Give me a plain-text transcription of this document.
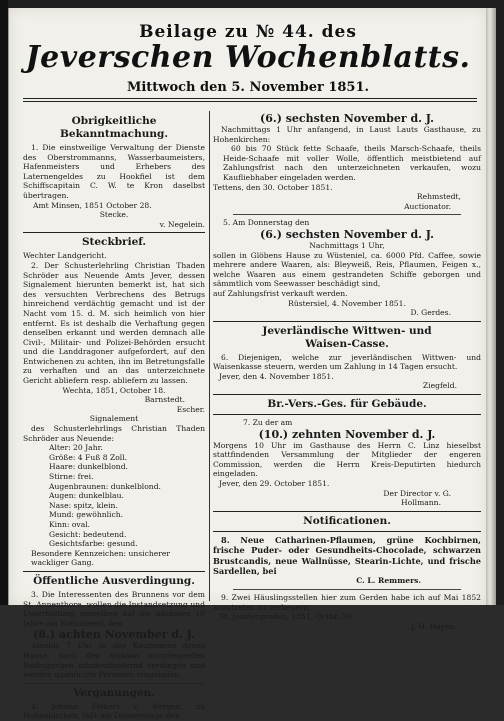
Beilage zu № 44. des
Jeverschen Wochenblatts.
Mittwoch den 5. November 1851.
Obrigkeitliche Bekanntmachung.

1. Die einstweilige Verwaltung der Dienste des Oberstrommanns, Wasserbaumeisters, Hafenmeisters und Erhebers des Laternengeldes zu Hookfiel ist dem Schiffscapitain C. W. te Kron daselbst übertragen.

Amt Minsen, 1851 October 28.
Stecke.
v. Negelein.
Steckbrief.
Wechter Landgericht.

2. Der Schusterlehrling Christian Thaden Schröder aus Neuende Amts Jever, dessen Signalement hierunten bemerkt ist, hat sich des versuchten Verbrechens des Betrugs hinreichend verdächtig gemacht und ist der Nacht vom 15. d. M. sich heimlich von hier entfernt. Es ist deshalb die Verhaftung gegen denselben erkannt und werden demnach alle Civil-, Militair- und Polizei-Behörden ersucht und die Landdragoner aufgefordert, auf den Entwichenen zu achten, ihn im Betretungsfalle zu verhaften und an das unterzeichnete Gericht abliefern resp. abliefern zu lassen.

Wechta, 1851, October 18.
Barnstedt.
Escher.
Signalement

des Schusterlehrlings Christian Thaden Schröder aus Neuende:

Alter: 20 Jahr.
Größe: 4 Fuß 8 Zoll.
Haare: dunkelblond.
Stirne: frei.
Augenbraunen: dunkelblond.
Augen: dunkelblau.
Nase: spitz, klein.
Mund: gewöhnlich.
Kinn: oval.
Gesicht: bedeutend.
Gesichtsfarbe: gesund.
Besondere Kennzeichen: unsicherer wackliger Gang.
Öffentliche Ausverdingung.

3. Die Interessenten des Brunnens vor dem St. Annenthore, wollen die Instandsetzung und Unterhaltung desselben auf die nächsten 10 Jahre am Sonnabend, den

(8.) achten November d. J.

Abends 7 Uhr in des Kaufmanns Arens Hause, nach den alsdann vorzulegenden Bedingungen mindestfordernd verdingen und werden qualificirte Personen eingeladen.

Verganungen.

4. Johann Folkers v. Bergen, zu Hohenkirchen, läßt am Donnerstage den

(6.) sechsten November d. J.

Nachmittags 1 Uhr anfangend, in Laust Lauts Gasthause, zu Hohenkirchen:

60 bis 70 Stück fette Schaafe, theils Marsch-Schaafe, theils Heide-Schaafe mit voller Wolle, öffentlich meistbietend auf Zahlungsfrist nach den unterzeichneten verkaufen, wozu Kaufliebhaber eingeladen werden.

Tettens, den 30. October 1851.
Rehmstedt,
Auctionator.
5. Am Donnerstag den
(6.) sechsten November d. J.
Nachmittags 1 Uhr,

sollen in Glöbens Hause zu Wüsteniel, ca. 6000 Pfd. Caffee, sowie mehrere andere Waaren, als: Bleyweiß, Reis, Pflaumen, Feigen x., welche Waaren aus einem gestrandeten Schiffe geborgen und sämmtlich vom Seewasser beschädigt sind,

auf Zahlungsfrist verkauft werden.
Rüstersiel, 4. November 1851.
D. Gerdes.
Jeverländische Wittwen- und
Waisen-Casse.

6. Diejenigen, welche zur jeverländischen Wittwen- und Waisenkasse steuern, werden um Zahlung in 14 Tagen ersucht.

Jever, den 4. November 1851.
Ziegfeld.
Br.-Vers.-Ges. für Gebäude.
7. Zu der am
(10.) zehnten November d. J.

Morgens 10 Uhr im Gasthause des Herrn C. Linz hieselbst stattfindenden Versammlung der Mitglieder der engeren Commission, werden die Herrn Kreis-Deputirten hiedurch eingeladen.

Jever, den 29. October 1851.
Der Director v. G.
Hollmann.
Notificationen.

8. Neue Catharinen-Pflaumen, grüne Kochbirnen, frische Puder- oder Gesundheits-Chocolade, schwarzen Brustcandis, neue Wallnüsse, Stearin-Lichte, und frische Sardellen, bei

C. L. Remmers.

9. Zwei Häuslingsstellen hier zum Gerden habe ich auf Mai 1852 anzutreten zu verheuern.

St. Joostergroden, 1851, Octbr. 30.
J. H. Hayen.
